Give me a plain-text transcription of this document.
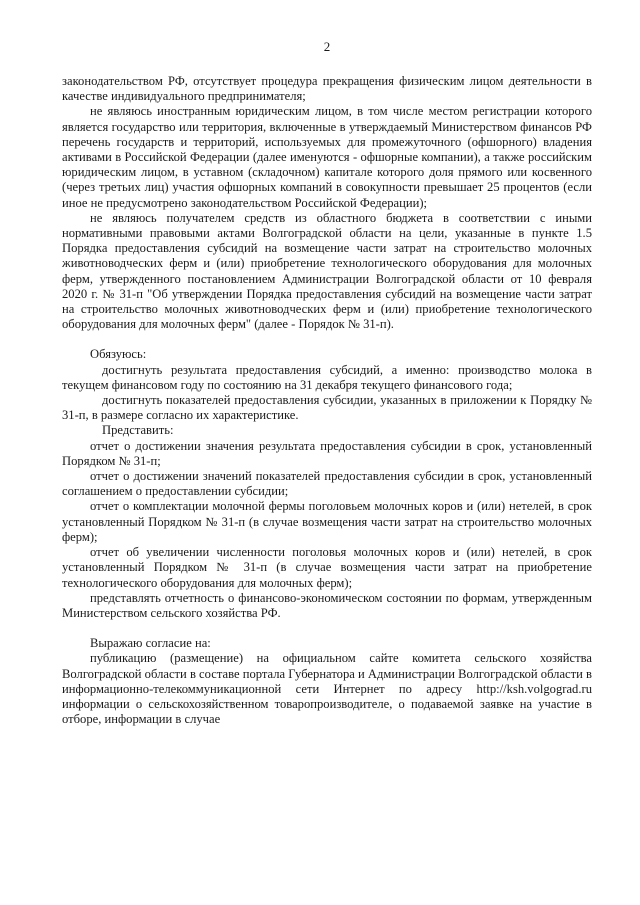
2

законодательством РФ, отсутствует процедура прекращения физическим лицом деятельности в качестве индивидуального предпринимателя;

не являюсь иностранным юридическим лицом, в том числе местом регистрации которого является государство или территория, включенные в утверждаемый Министерством финансов РФ перечень государств и территорий, используемых для промежуточного (офшорного) владения активами в Российской Федерации (далее именуются - офшорные компании), а также российским юридическим лицом, в уставном (складочном) капитале которого доля прямого или косвенного (через третьих лиц) участия офшорных компаний в совокупности превышает 25 процентов (если иное не предусмотрено законодательством Российской Федерации);

не являюсь получателем средств из областного бюджета в соответствии с иными нормативными правовыми актами Волгоградской области на цели, указанные в пункте 1.5 Порядка предоставления субсидий на возмещение части затрат на строительство молочных животноводческих ферм и (или) приобретение технологического оборудования для молочных ферм, утвержденного постановлением Администрации Волгоградской области от 10 февраля 2020 г. № 31-п "Об утверждении Порядка предоставления субсидий на возмещение части затрат на строительство молочных животноводческих ферм и (или) приобретение технологического оборудования для молочных ферм" (далее - Порядок № 31-п).

Обязуюсь:

достигнуть результата предоставления субсидий, а именно: производство молока в текущем финансовом году по состоянию на 31 декабря текущего финансового года;

достигнуть показателей предоставления субсидии, указанных в приложении к Порядку № 31-п, в размере согласно их характеристике.

Представить:

отчет о достижении значения результата предоставления субсидии в срок, установленный Порядком № 31-п;

отчет о достижении значений показателей предоставления субсидии в срок, установленный соглашением о предоставлении субсидии;

отчет о комплектации молочной фермы поголовьем молочных коров и (или) нетелей, в срок установленный Порядком № 31-п (в случае возмещения части затрат на строительство молочных ферм);

отчет об увеличении численности поголовья молочных коров и (или) нетелей, в срок установленный Порядком № 31-п (в случае возмещения части затрат на приобретение технологического оборудования для молочных ферм);

представлять отчетность о финансово-экономическом состоянии по формам, утвержденным Министерством сельского хозяйства РФ.

Выражаю согласие на:

публикацию (размещение) на официальном сайте комитета сельского хозяйства Волгоградской области в составе портала Губернатора и Администрации Волгоградской области в информационно-телекоммуникационной сети Интернет по адресу http://ksh.volgograd.ru информации о сельскохозяйственном товаропроизводителе, о подаваемой заявке на участие в отборе, информации в случае
